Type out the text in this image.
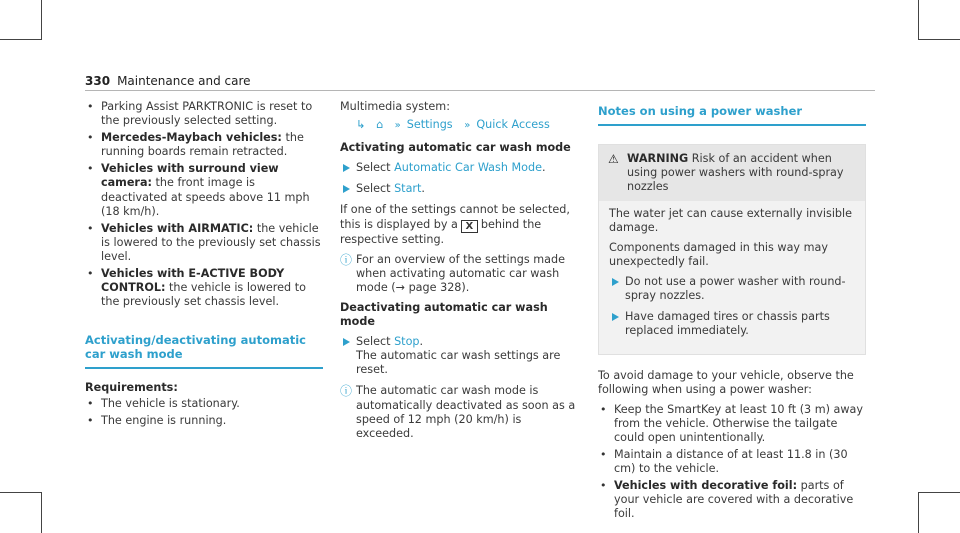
330 Maintenance and care
• Parking Assist PARKTRONIC is reset to the previously selected setting.
• Mercedes-Maybach vehicles: the running boards remain retracted.
• Vehicles with surround view camera: the front image is deactivated at speeds above 11 mph (18 km/h).
• Vehicles with AIRMATIC: the vehicle is lowered to the previously set chassis level.
• Vehicles with E-ACTIVE BODY CONTROL: the vehicle is lowered to the previously set chassis level.
Activating/deactivating automatic car wash mode
Requirements:
• The vehicle is stationary.
• The engine is running.
Multimedia system:
↳ ⌂ » Settings » Quick Access
Activating automatic car wash mode
Select Automatic Car Wash Mode.
Select Start.

If one of the settings cannot be selected, this is displayed by a X behind the respective setting.

ⓘ For an overview of the settings made when activating automatic car wash mode (→ page 328).
Deactivating automatic car wash mode
Select Stop.
The automatic car wash settings are reset.
ⓘ The automatic car wash mode is automatically deactivated as soon as a speed of 12 mph (20 km/h) is exceeded.
Notes on using a power washer
⚠ WARNING Risk of an accident when using power washers with round-spray nozzles

The water jet can cause externally invisible damage.

Components damaged in this way may unexpectedly fail.

Do not use a power washer with round-spray nozzles.
Have damaged tires or chassis parts replaced immediately.

To avoid damage to your vehicle, observe the following when using a power washer:

• Keep the SmartKey at least 10 ft (3 m) away from the vehicle. Otherwise the tailgate could open unintentionally.
• Maintain a distance of at least 11.8 in (30 cm) to the vehicle.
• Vehicles with decorative foil: parts of your vehicle are covered with a decorative foil.
